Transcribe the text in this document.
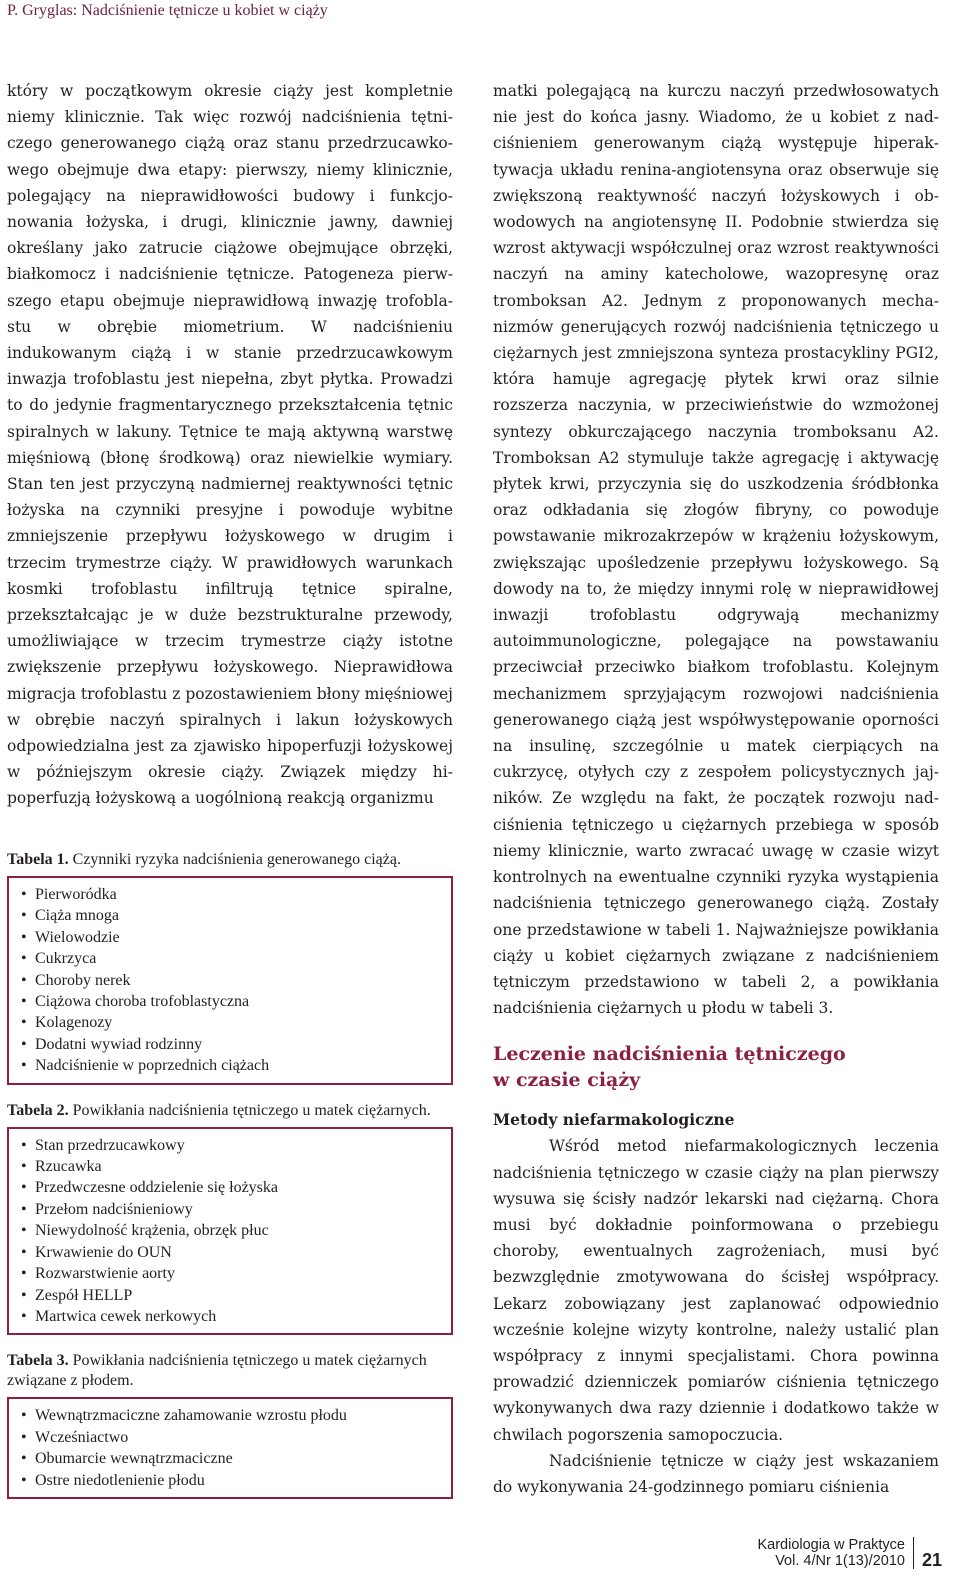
P. Gryglas: Nadciśnienie tętnicze u kobiet w ciąży

który w początkowym okresie ciąży jest kompletnie niemy klinicznie. Tak więc rozwój nadciśnienia tętniczego generowanego ciążą oraz stanu przedrzucawkowego obejmuje dwa etapy: pierwszy, niemy klinicznie, polegający na nieprawidłowości budowy i funkcjonowania łożyska, i drugi, klinicznie jawny, dawniej określany jako zatrucie ciążowe obejmujące obrzęki, białkomocz i nadciśnienie tętnicze. Patogeneza pierwszego etapu obejmuje nieprawidłową inwazję trofoblastu w obrębie miometrium. W nadciśnieniu indukowanym ciążą i w stanie przedrzucawkowym inwazja trofoblastu jest niepełna, zbyt płytka. Prowadzi to do jedynie fragmentarycznego przekształcenia tętnic spiralnych w lakuny. Tętnice te mają aktywną warstwę mięśniową (błonę środkową) oraz niewielkie wymiary. Stan ten jest przyczyną nadmiernej reaktywności tętnic łożyska na czynniki presyjne i powoduje wybitne zmniejszenie przepływu łożyskowego w drugim i trzecim trymestrze ciąży. W prawidłowych warunkach kosmki trofoblastu infiltrują tętnice spiralne, przekształcając je w duże bezstrukturalne przewody, umożliwiające w trzecim trymestrze ciąży istotne zwiększenie przepływu łożyskowego. Nieprawidłowa migracja trofoblastu z pozostawieniem błony mięśniowej w obrębie naczyń spiralnych i lakun łożyskowych odpowiedzialna jest za zjawisko hipoperfuzji łożyskowej w późniejszym okresie ciąży. Związek między hipoperfuzją łożyskową a uogólnioną reakcją organizmu

Tabela 1. Czynniki ryzyka nadciśnienia generowanego ciążą.

• Pierworódka
• Ciąża mnoga
• Wielowodzie
• Cukrzyca
• Choroby nerek
• Ciążowa choroba trofoblastyczna
• Kolagenozy
• Dodatni wywiad rodzinny
• Nadciśnienie w poprzednich ciążach

Tabela 2. Powikłania nadciśnienia tętniczego u matek ciężarnych.

• Stan przedrzucawkowy
• Rzucawka
• Przedwczesne oddzielenie się łożyska
• Przełom nadciśnieniowy
• Niewydolność krążenia, obrzęk płuc
• Krwawienie do OUN
• Rozwarstwienie aorty
• Zespół HELLP
• Martwica cewek nerkowych

Tabela 3. Powikłania nadciśnienia tętniczego u matek ciężarnych związane z płodem.

• Wewnątrzmaciczne zahamowanie wzrostu płodu
• Wcześniactwo
• Obumarcie wewnątrzmaciczne
• Ostre niedotlenienie płodu

matki polegającą na kurczu naczyń przedwłosowatych nie jest do końca jasny. Wiadomo, że u kobiet z nadciśnieniem generowanym ciążą występuje hiperaktywacja układu renina-angiotensyna oraz obserwuje się zwiększoną reaktywność naczyń łożyskowych i obwodowych na angiotensynę II. Podobnie stwierdza się wzrost aktywacji współczulnej oraz wzrost reaktywności naczyń na aminy katecholowe, wazopresynę oraz tromboksan A2. Jednym z proponowanych mechanizmów generujących rozwój nadciśnienia tętniczego u ciężarnych jest zmniejszona synteza prostacykliny PGI2, która hamuje agregację płytek krwi oraz silnie rozszerza naczynia, w przeciwieństwie do wzmożonej syntezy obkurczającego naczynia tromboksanu A2. Tromboksan A2 stymuluje także agregację i aktywację płytek krwi, przyczynia się do uszkodzenia śródbłonka oraz odkładania się złogów fibryny, co powoduje powstawanie mikrozakrzepów w krążeniu łożyskowym, zwiększając upośledzenie przepływu łożyskowego. Są dowody na to, że między innymi rolę w nieprawidłowej inwazji trofoblastu odgrywają mechanizmy autoimmunologiczne, polegające na powstawaniu przeciwciał przeciwko białkom trofoblastu. Kolejnym mechanizmem sprzyjającym rozwojowi nadciśnienia generowanego ciążą jest współwystępowanie oporności na insulinę, szczególnie u matek cierpiących na cukrzycę, otyłych czy z zespołem policystycznych jajników. Ze względu na fakt, że początek rozwoju nadciśnienia tętniczego u ciężarnych przebiega w sposób niemy klinicznie, warto zwracać uwagę w czasie wizyt kontrolnych na ewentualne czynniki ryzyka wystąpienia nadciśnienia tętniczego generowanego ciążą. Zostały one przedstawione w tabeli 1. Najważniejsze powikłania ciąży u kobiet ciężarnych związane z nadciśnieniem tętniczym przedstawiono w tabeli 2, a powikłania nadciśnienia ciężarnych u płodu w tabeli 3.

Leczenie nadciśnienia tętniczego
w czasie ciąży

Metody niefarmakologiczne

Wśród metod niefarmakologicznych leczenia nadciśnienia tętniczego w czasie ciąży na plan pierwszy wysuwa się ścisły nadzór lekarski nad ciężarną. Chora musi być dokładnie poinformowana o przebiegu choroby, ewentualnych zagrożeniach, musi być bezwzględnie zmotywowana do ścisłej współpracy. Lekarz zobowiązany jest zaplanować odpowiednio wcześnie kolejne wizyty kontrolne, należy ustalić plan współpracy z innymi specjalistami. Chora powinna prowadzić dzienniczek pomiarów ciśnienia tętniczego wykonywanych dwa razy dziennie i dodatkowo także w chwilach pogorszenia samopoczucia.

Nadciśnienie tętnicze w ciąży jest wskazaniem do wykonywania 24-godzinnego pomiaru ciśnienia

Kardiologia w Praktyce
Vol. 4/Nr 1(13)/2010 21
